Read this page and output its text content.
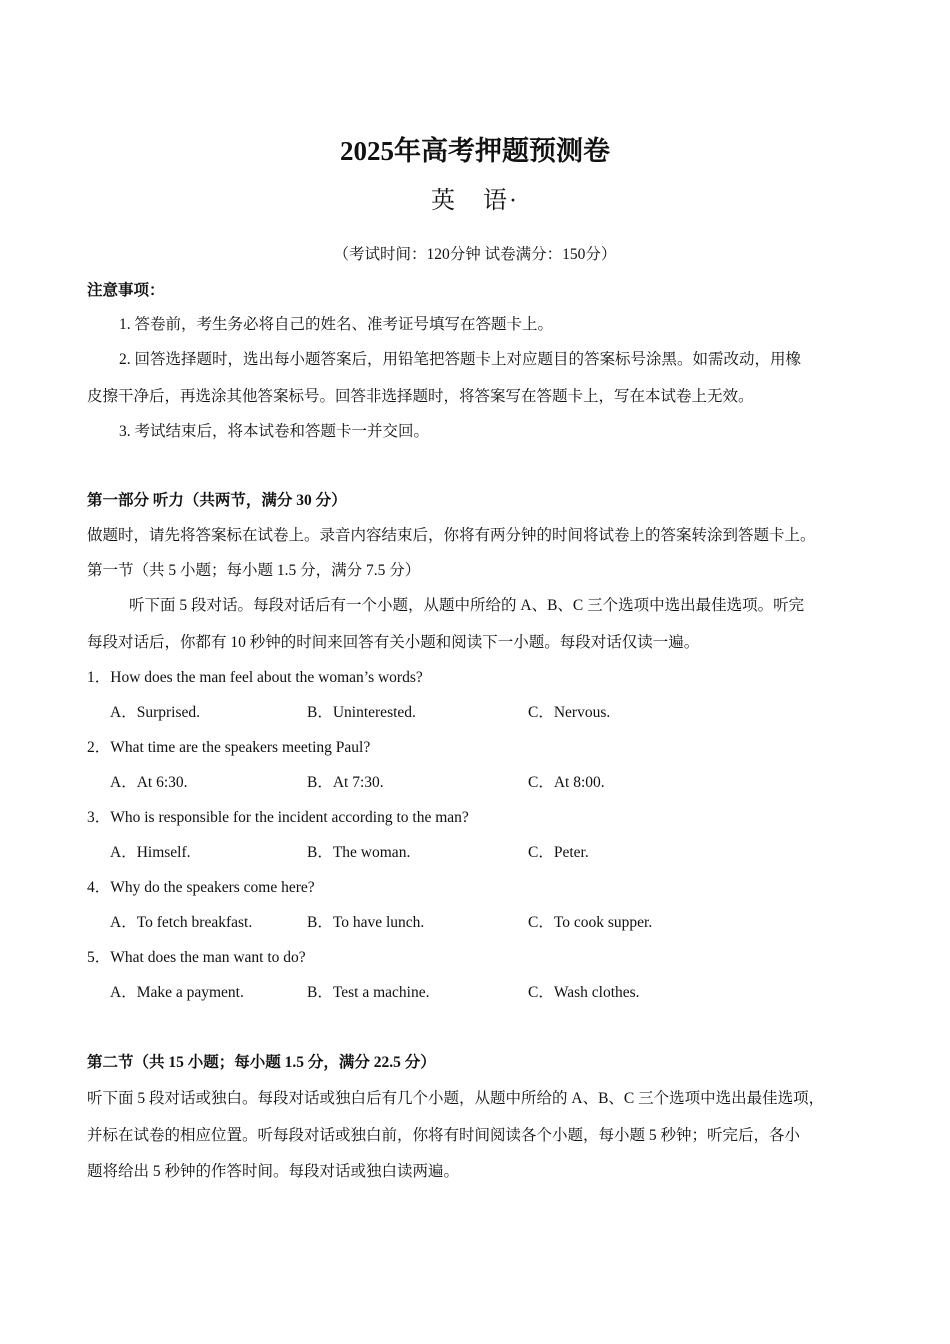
2025年高考押题预测卷
英 语·
（考试时间：120分钟 试卷满分：150分）
注意事项：
1. 答卷前，考生务必将自己的姓名、准考证号填写在答题卡上。
2. 回答选择题时，选出每小题答案后，用铅笔把答题卡上对应题目的答案标号涂黑。如需改动，用橡
皮擦干净后，再选涂其他答案标号。回答非选择题时，将答案写在答题卡上，写在本试卷上无效。
3. 考试结束后，将本试卷和答题卡一并交回。
第一部分 听力（共两节，满分 30 分）
做题时，请先将答案标在试卷上。录音内容结束后，你将有两分钟的时间将试卷上的答案转涂到答题卡上。
第一节（共 5 小题；每小题 1.5 分，满分 7.5 分）
听下面 5 段对话。每段对话后有一个小题，从题中所给的 A、B、C 三个选项中选出最佳选项。听完
每段对话后，你都有 10 秒钟的时间来回答有关小题和阅读下一小题。每段对话仅读一遍。
1．How does the man feel about the woman’s words?
A．Surprised.	B．Uninterested.	C．Nervous.
2．What time are the speakers meeting Paul?
A．At 6:30.	B．At 7:30.	C．At 8:00.
3．Who is responsible for the incident according to the man?
A．Himself.	B．The woman.	C．Peter.
4．Why do the speakers come here?
A．To fetch breakfast.	B．To have lunch.	C．To cook supper.
5．What does the man want to do?
A．Make a payment.	B．Test a machine.	C．Wash clothes.
第二节（共 15 小题；每小题 1.5 分，满分 22.5 分）
听下面 5 段对话或独白。每段对话或独白后有几个小题，从题中所给的 A、B、C 三个选项中选出最佳选项，
并标在试卷的相应位置。听每段对话或独白前，你将有时间阅读各个小题，每小题 5 秒钟；听完后，各小
题将给出 5 秒钟的作答时间。每段对话或独白读两遍。
